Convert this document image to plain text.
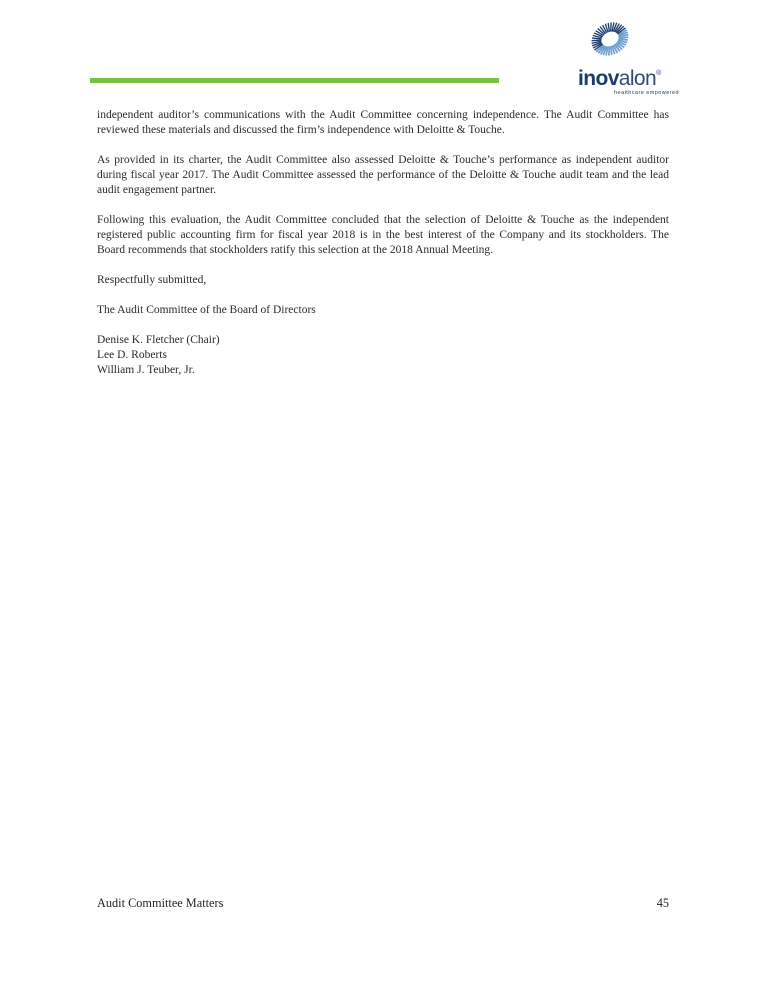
inovalon®
healthcare empowered
independent auditor’s communications with the Audit Committee concerning independence. The Audit Committee has
reviewed these materials and discussed the firm’s independence with Deloitte & Touche.
As provided in its charter, the Audit Committee also assessed Deloitte & Touche’s performance as independent auditor
during fiscal year 2017. The Audit Committee assessed the performance of the Deloitte & Touche audit team and the lead
audit engagement partner.
Following this evaluation, the Audit Committee concluded that the selection of Deloitte & Touche as the independent
registered public accounting firm for fiscal year 2018 is in the best interest of the Company and its stockholders. The
Board recommends that stockholders ratify this selection at the 2018 Annual Meeting.
Respectfully submitted,
The Audit Committee of the Board of Directors
Denise K. Fletcher (Chair)
Lee D. Roberts
William J. Teuber, Jr.
Audit Committee Matters	45
